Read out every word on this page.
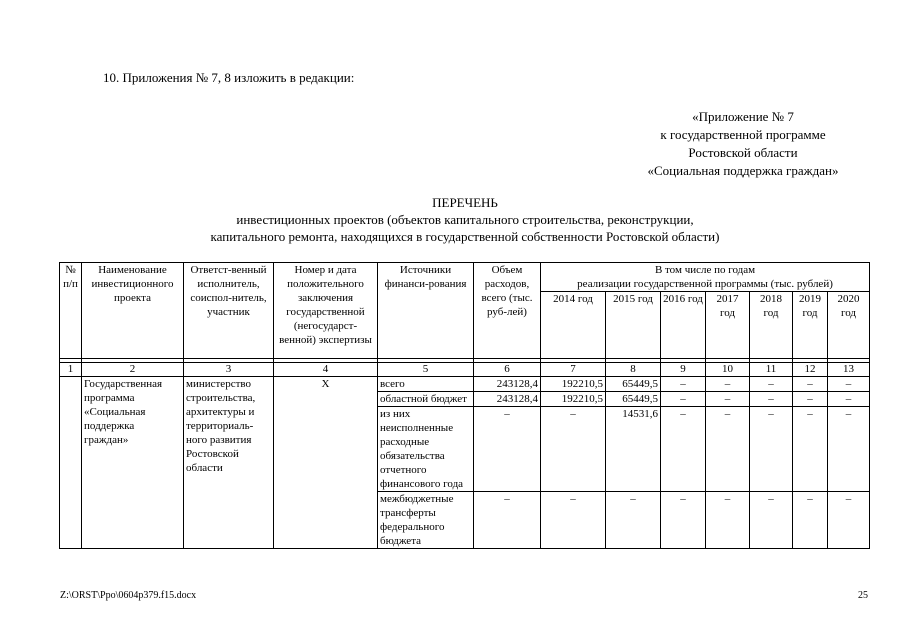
10. Приложения № 7, 8 изложить в редакции:
«Приложение № 7
к государственной программе
Ростовской области
«Социальная поддержка граждан»
ПЕРЕЧЕНЬ
инвестиционных проектов (объектов капитального строительства, реконструкции,
капитального ремонта, находящихся в государственной собственности Ростовской области)
№ п/п	Наименование инвестиционного проекта	Ответст-венный исполнитель, соиспол-нитель, участник	Номер и дата положительного заключения государственной (негосударст-венной) экспертизы	Источники финанси-рования	Объем расходов, всего (тыс. руб-лей)	В том числе по годам
реализации государственной программы (тыс. рублей)						

						2014 год	2015 год	2016 год	2017 год	2018 год	2019 год	2020 год

1	2	3	4	5	6	7	8	9	10	11	12	13
	Государственная программа «Социальная поддержка граждан»	министерство строительства, архитектуры и территориаль-ного развития Ростовской области	Х	всего	243128,4	192210,5	65449,5	–	–	–	–	–
				областной бюджет	243128,4	192210,5	65449,5	–	–	–	–	–
				из них неисполненные расходные обязательства отчетного финансового года	–	–	14531,6	–	–	–	–	–
				межбюджетные трансферты федерального бюджета	–	–	–	–	–	–	–	–
Z:\ORST\Ppo\0604p379.f15.docx	25
